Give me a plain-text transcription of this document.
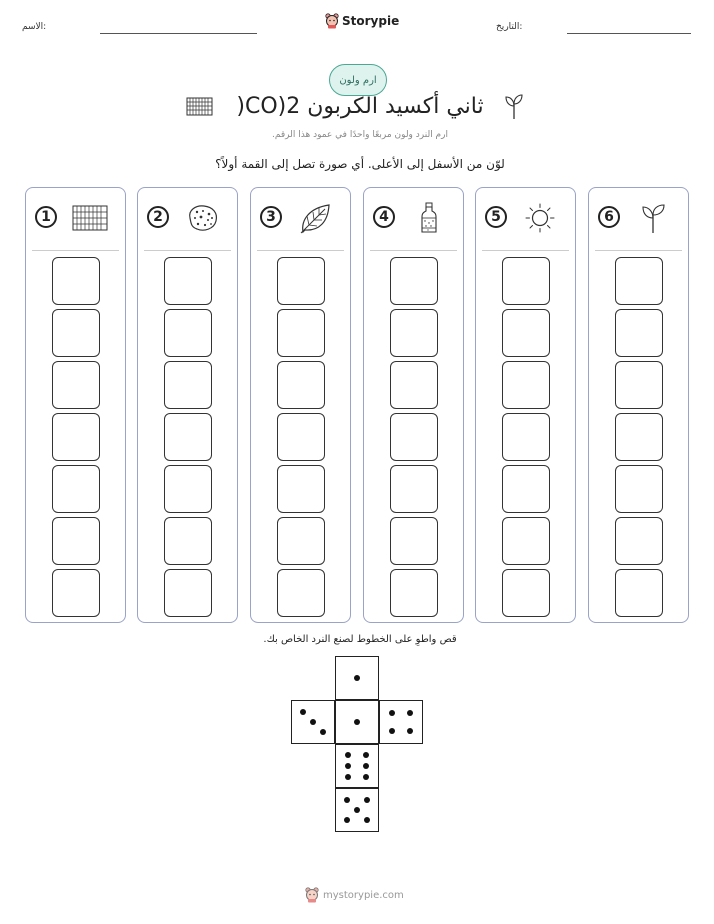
الاسم:	Storypie	التاريخ:
ارم ولون
ثاني أكسيد الكربون CO)2(
ارم النرد ولون مربعًا واحدًا في عمود هذا الرقم.
لوّن من الأسفل إلى الأعلى. أي صورة تصل إلى القمة أولاً؟
1	2	3	4	5	6
قص واطوِ على الخطوط لصنع النرد الخاص بك.
mystorypie.com
